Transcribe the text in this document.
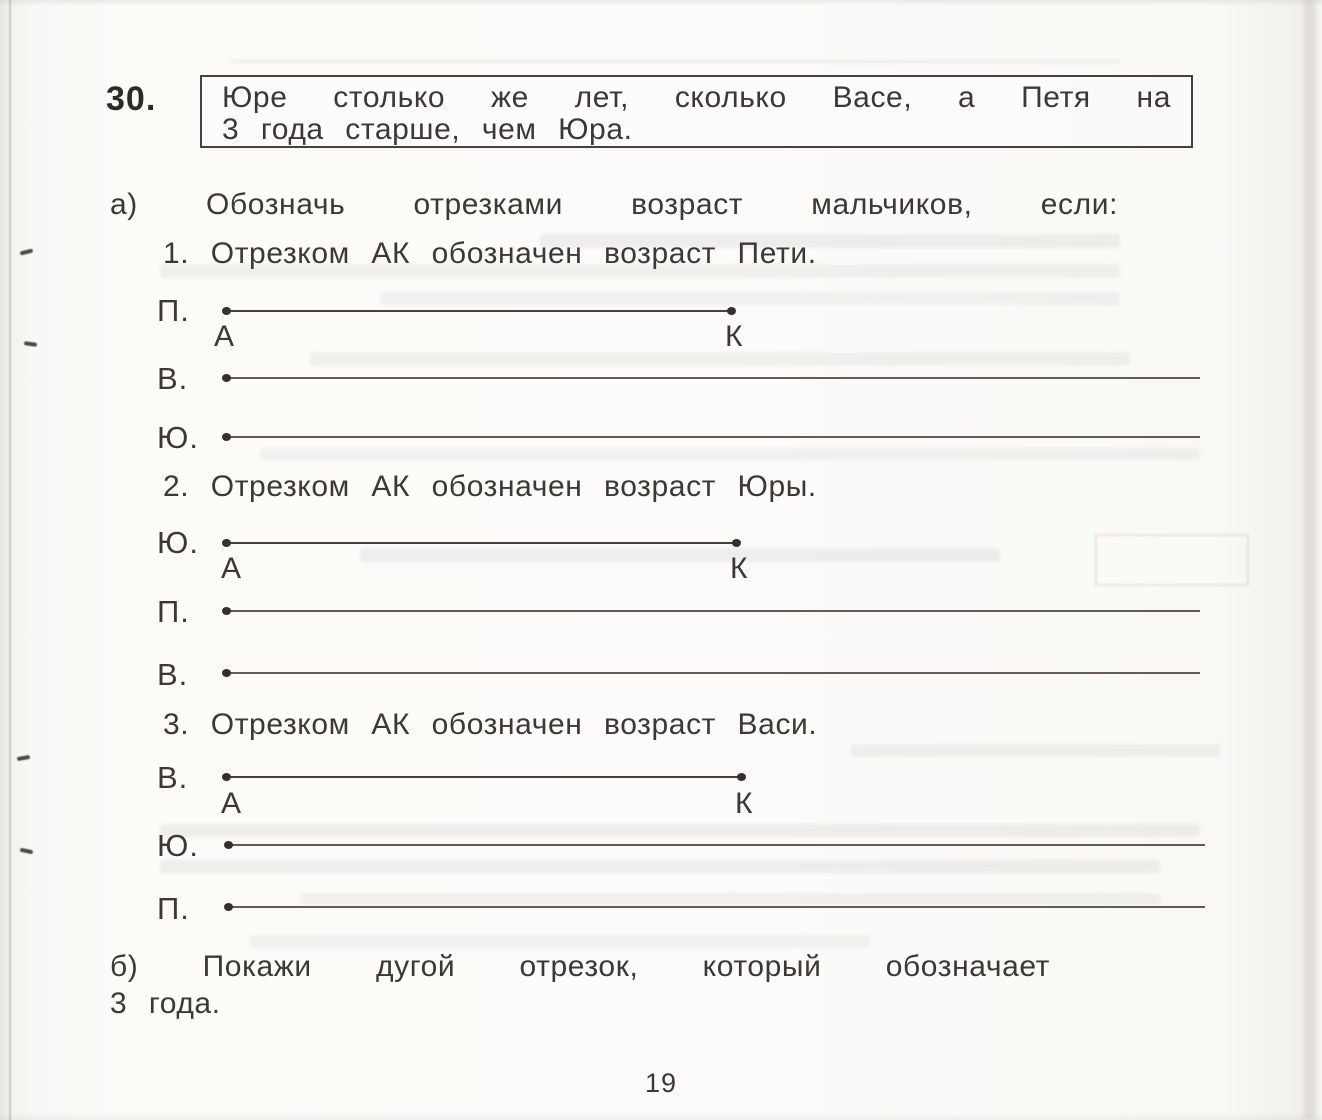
30. Юре столько же лет, сколько Васе, а Петя на
3 года старше, чем Юра.
а) Обозначь отрезками возраст мальчиков, если:
1. Отрезком АК обозначен возраст Пети.
П.
А	К
В.
Ю.
2. Отрезком АК обозначен возраст Юры.
Ю.
А	К
П.
В.
3. Отрезком АК обозначен возраст Васи.
В.
А	К
Ю.
П.
б) Покажи дугой отрезок, который обозначает
3 года.
19
